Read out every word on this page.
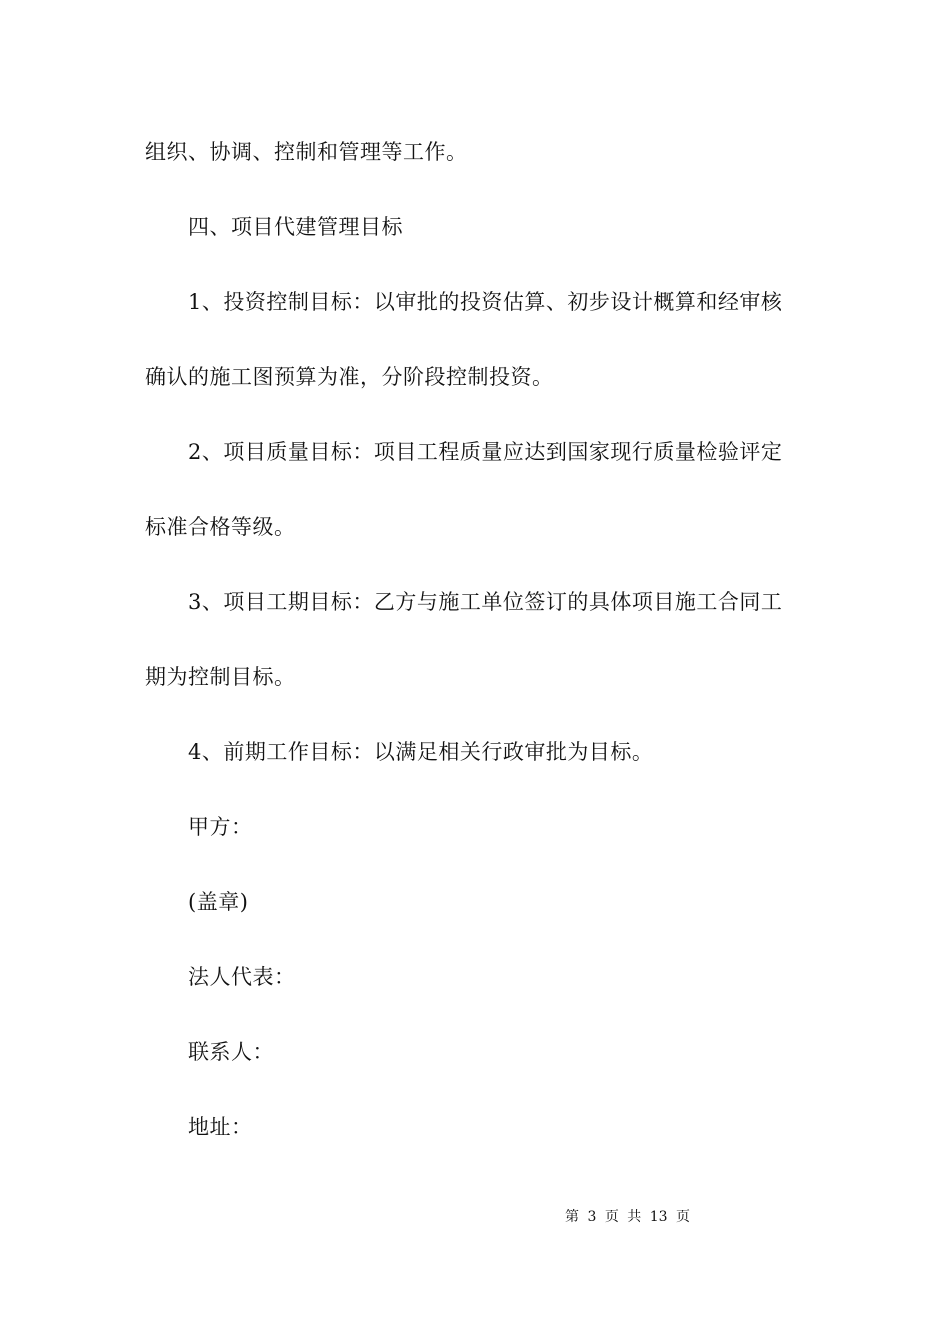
组织、协调、控制和管理等工作。
四、项目代建管理目标
1、投资控制目标：以审批的投资估算、初步设计概算和经审核
确认的施工图预算为准，分阶段控制投资。
2、项目质量目标：项目工程质量应达到国家现行质量检验评定
标准合格等级。
3、项目工期目标：乙方与施工单位签订的具体项目施工合同工
期为控制目标。
4、前期工作目标：以满足相关行政审批为目标。
甲方：
(盖章)
法人代表：
联系人：
地址：
第 3 页 共 13 页
